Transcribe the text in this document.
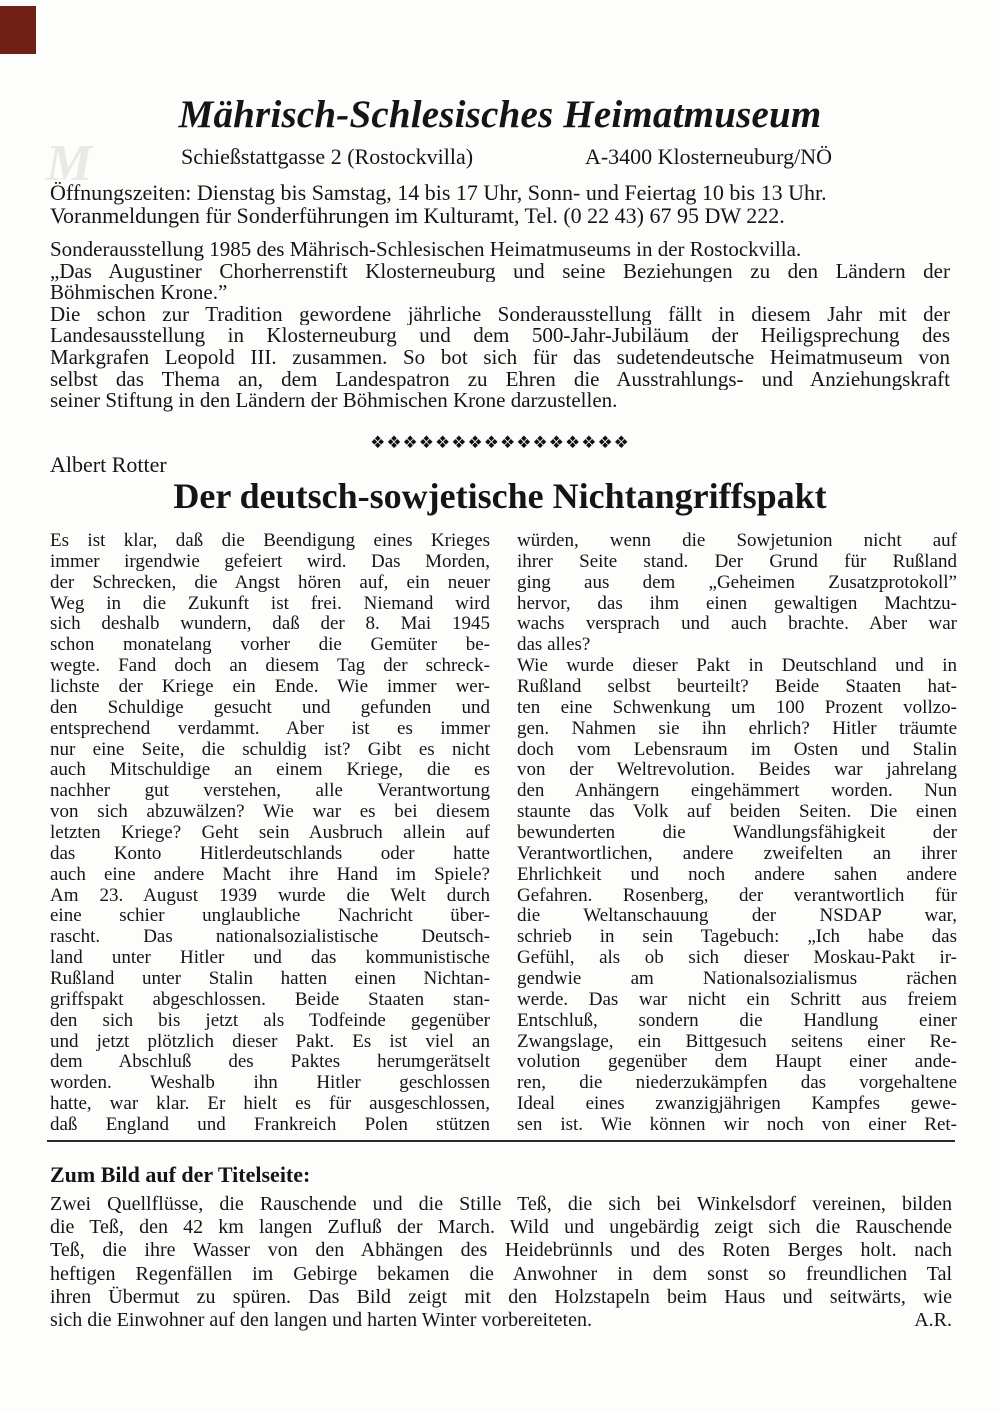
M
Mährisch-Schlesisches Heimatmuseum
Schießstattgasse 2 (Rostockvilla)	A-3400 Klosterneuburg/NÖ
Öffnungszeiten: Dienstag bis Samstag, 14 bis 17 Uhr, Sonn- und Feiertag 10 bis 13 Uhr.
Voranmeldungen für Sonderführungen im Kulturamt, Tel. (0 22 43) 67 95 DW 222.
Sonderausstellung 1985 des Mährisch-Schlesischen Heimatmuseums in der Rostockvilla.
„Das Augustiner Chorherrenstift Klosterneuburg und seine Beziehungen zu den Ländern der
Böhmischen Krone.”
Die schon zur Tradition gewordene jährliche Sonderausstellung fällt in diesem Jahr mit der
Landesausstellung in Klosterneuburg und dem 500-Jahr-Jubiläum der Heiligsprechung des
Markgrafen Leopold III. zusammen. So bot sich für das sudetendeutsche Heimatmuseum von
selbst das Thema an, dem Landespatron zu Ehren die Ausstrahlungs- und Anziehungskraft
seiner Stiftung in den Ländern der Böhmischen Krone darzustellen.
❖❖❖❖❖❖❖❖❖❖❖❖❖❖❖❖
Albert Rotter
Der deutsch-sowjetische Nichtangriffspakt
Es ist klar, daß die Beendigung eines Krieges
immer irgendwie gefeiert wird. Das Morden,
der Schrecken, die Angst hören auf, ein neuer
Weg in die Zukunft ist frei. Niemand wird
sich deshalb wundern, daß der 8. Mai 1945
schon monatelang vorher die Gemüter be-
wegte. Fand doch an diesem Tag der schreck-
lichste der Kriege ein Ende. Wie immer wer-
den Schuldige gesucht und gefunden und
entsprechend verdammt. Aber ist es immer
nur eine Seite, die schuldig ist? Gibt es nicht
auch Mitschuldige an einem Kriege, die es
nachher gut verstehen, alle Verantwortung
von sich abzuwälzen? Wie war es bei diesem
letzten Kriege? Geht sein Ausbruch allein auf
das Konto Hitlerdeutschlands oder hatte
auch eine andere Macht ihre Hand im Spiele?
Am 23. August 1939 wurde die Welt durch
eine schier unglaubliche Nachricht über-
rascht. Das nationalsozialistische Deutsch-
land unter Hitler und das kommunistische
Rußland unter Stalin hatten einen Nichtan-
griffspakt abgeschlossen. Beide Staaten stan-
den sich bis jetzt als Todfeinde gegenüber
und jetzt plötzlich dieser Pakt. Es ist viel an
dem Abschluß des Paktes herumgerätselt
worden. Weshalb ihn Hitler geschlossen
hatte, war klar. Er hielt es für ausgeschlossen,
daß England und Frankreich Polen stützen
würden, wenn die Sowjetunion nicht auf
ihrer Seite stand. Der Grund für Rußland
ging aus dem „Geheimen Zusatzprotokoll”
hervor, das ihm einen gewaltigen Machtzu-
wachs versprach und auch brachte. Aber war
das alles?
Wie wurde dieser Pakt in Deutschland und in
Rußland selbst beurteilt? Beide Staaten hat-
ten eine Schwenkung um 100 Prozent vollzo-
gen. Nahmen sie ihn ehrlich? Hitler träumte
doch vom Lebensraum im Osten und Stalin
von der Weltrevolution. Beides war jahrelang
den Anhängern eingehämmert worden. Nun
staunte das Volk auf beiden Seiten. Die einen
bewunderten die Wandlungsfähigkeit der
Verantwortlichen, andere zweifelten an ihrer
Ehrlichkeit und noch andere sahen andere
Gefahren. Rosenberg, der verantwortlich für
die Weltanschauung der NSDAP war,
schrieb in sein Tagebuch: „Ich habe das
Gefühl, als ob sich dieser Moskau-Pakt ir-
gendwie am Nationalsozialismus rächen
werde. Das war nicht ein Schritt aus freiem
Entschluß, sondern die Handlung einer
Zwangslage, ein Bittgesuch seitens einer Re-
volution gegenüber dem Haupt einer ande-
ren, die niederzukämpfen das vorgehaltene
Ideal eines zwanzigjährigen Kampfes gewe-
sen ist. Wie können wir noch von einer Ret-
Zum Bild auf der Titelseite:
Zwei Quellflüsse, die Rauschende und die Stille Teß, die sich bei Winkelsdorf vereinen, bilden
die Teß, den 42 km langen Zufluß der March. Wild und ungebärdig zeigt sich die Rauschende
Teß, die ihre Wasser von den Abhängen des Heidebrünnls und des Roten Berges holt. nach
heftigen Regenfällen im Gebirge bekamen die Anwohner in dem sonst so freundlichen Tal
ihren Übermut zu spüren. Das Bild zeigt mit den Holzstapeln beim Haus und seitwärts, wie
sich die Einwohner auf den langen und harten Winter vorbereiteten.	A.R.
